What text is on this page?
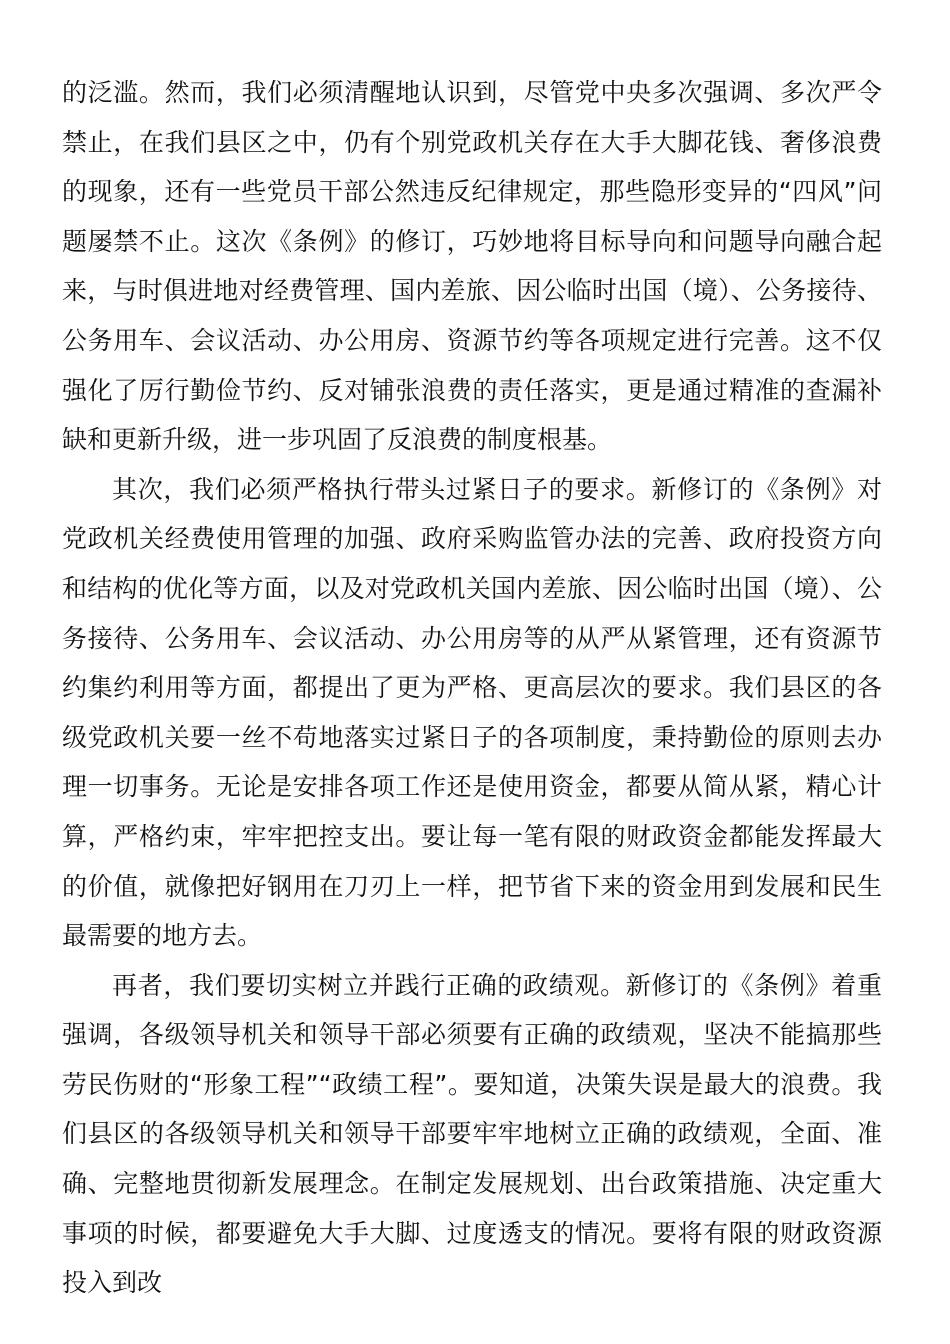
的泛滥。然而，我们必须清醒地认识到，尽管党中央多次强调、多次严令禁止，在我们县区之中，仍有个别党政机关存在大手大脚花钱、奢侈浪费的现象，还有一些党员干部公然违反纪律规定，那些隐形变异的“四风”问题屡禁不止。这次《条例》的修订，巧妙地将目标导向和问题导向融合起来，与时俱进地对经费管理、国内差旅、因公临时出国（境）、公务接待、公务用车、会议活动、办公用房、资源节约等各项规定进行完善。这不仅强化了厉行勤俭节约、反对铺张浪费的责任落实，更是通过精准的查漏补缺和更新升级，进一步巩固了反浪费的制度根基。

其次，我们必须严格执行带头过紧日子的要求。新修订的《条例》对党政机关经费使用管理的加强、政府采购监管办法的完善、政府投资方向和结构的优化等方面，以及对党政机关国内差旅、因公临时出国（境）、公务接待、公务用车、会议活动、办公用房等的从严从紧管理，还有资源节约集约利用等方面，都提出了更为严格、更高层次的要求。我们县区的各级党政机关要一丝不苟地落实过紧日子的各项制度，秉持勤俭的原则去办理一切事务。无论是安排各项工作还是使用资金，都要从简从紧，精心计算，严格约束，牢牢把控支出。要让每一笔有限的财政资金都能发挥最大的价值，就像把好钢用在刀刃上一样，把节省下来的资金用到发展和民生最需要的地方去。

再者，我们要切实树立并践行正确的政绩观。新修订的《条例》着重强调，各级领导机关和领导干部必须要有正确的政绩观，坚决不能搞那些劳民伤财的“形象工程”“政绩工程”。要知道，决策失误是最大的浪费。我们县区的各级领导机关和领导干部要牢牢地树立正确的政绩观，全面、准确、完整地贯彻新发展理念。在制定发展规划、出台政策措施、决定重大事项的时候，都要避免大手大脚、过度透支的情况。要将有限的财政资源投入到改
